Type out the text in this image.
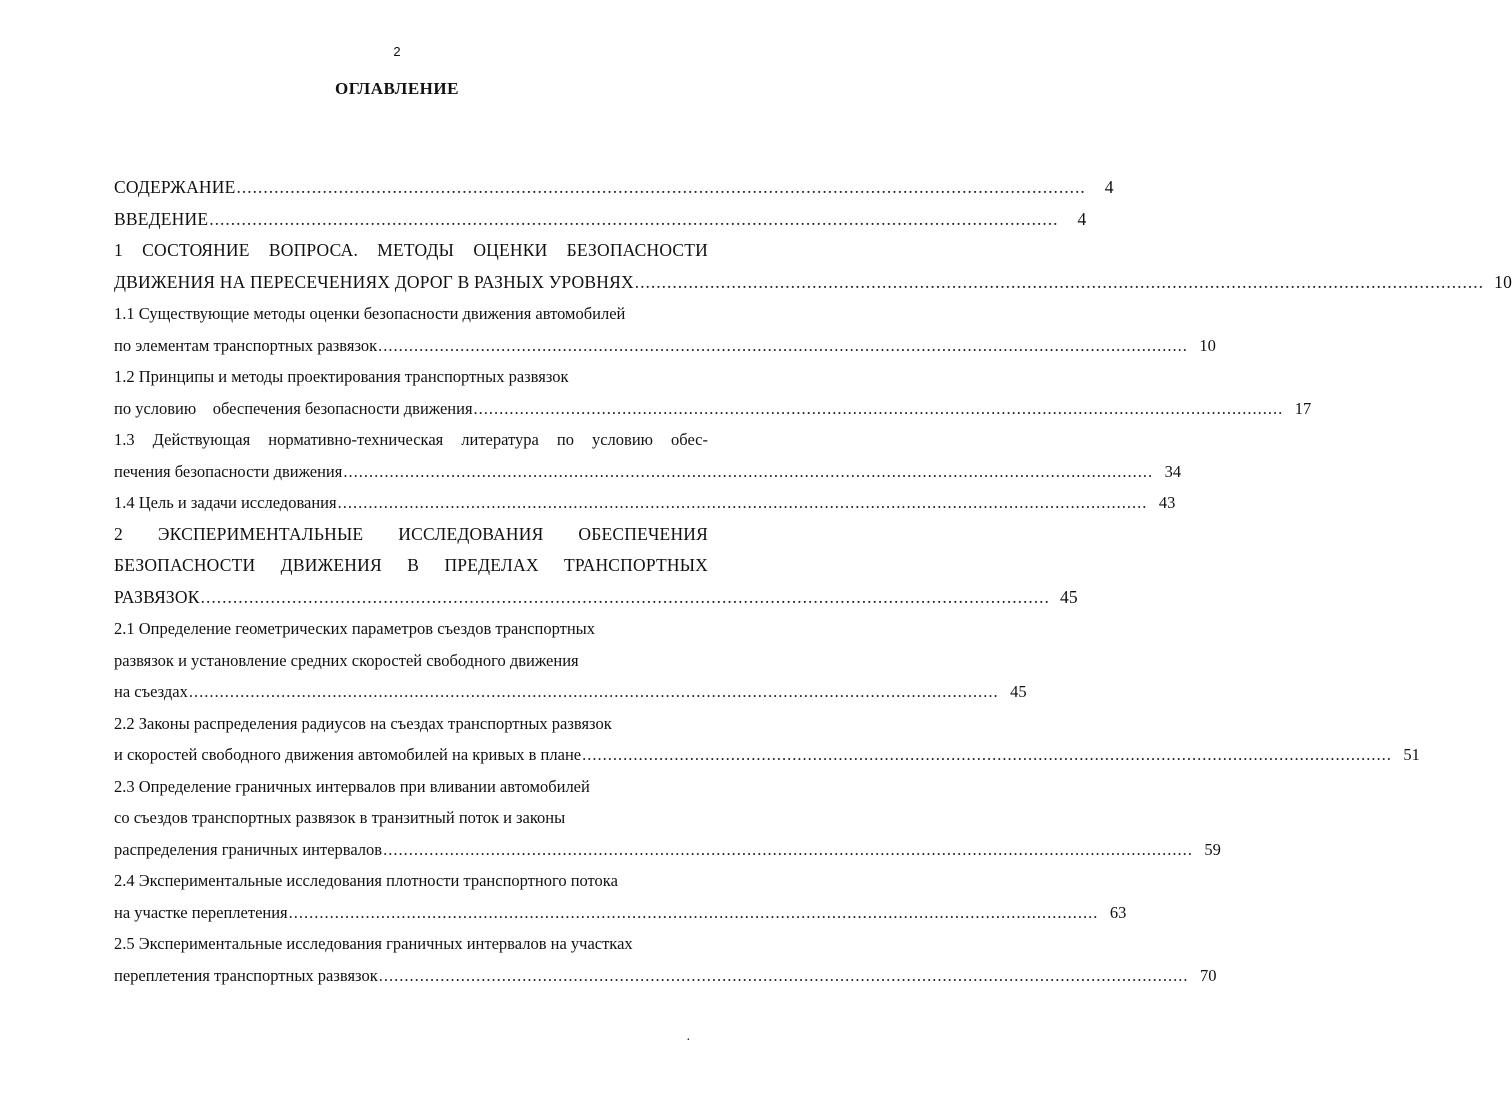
2
ОГЛАВЛЕНИЕ
СОДЕРЖАНИЕ ..............................................................................................................................................................	4
ВВЕДЕНИЕ ..............................................................................................................................................................	4
1 СОСТОЯНИЕ ВОПРОСА. МЕТОДЫ ОЦЕНКИ БЕЗОПАСНОСТИ
ДВИЖЕНИЯ НА ПЕРЕСЕЧЕНИЯХ ДОРОГ В РАЗНЫХ УРОВНЯХ .............................................................................................................................................................. 10
1.1 Существующие методы оценки безопасности движения автомобилей
по элементам транспортных развязок .............................................................................................................................................................. 10
1.2 Принципы и методы проектирования транспортных развязок
по условию    обеспечения безопасности движения .............................................................................................................................................................. 17
1.3 Действующая нормативно-техническая литература по условию обес-
печения безопасности движения .............................................................................................................................................................. 34
1.4 Цель и задачи исследования .............................................................................................................................................................. 43
2 ЭКСПЕРИМЕНТАЛЬНЫЕ ИССЛЕДОВАНИЯ ОБЕСПЕЧЕНИЯ
БЕЗОПАСНОСТИ ДВИЖЕНИЯ В ПРЕДЕЛАХ ТРАНСПОРТНЫХ
РАЗВЯЗОК .............................................................................................................................................................. 45
2.1 Определение геометрических параметров съездов транспортных
развязок и установление средних скоростей свободного движения
на съездах .............................................................................................................................................................. 45
2.2 Законы распределения радиусов на съездах транспортных развязок
и скоростей свободного движения автомобилей на кривых в плане .............................................................................................................................................................. 51
2.3 Определение граничных интервалов при вливании автомобилей
со съездов транспортных развязок в транзитный поток и законы
распределения граничных интервалов .............................................................................................................................................................. 59
2.4 Экспериментальные исследования плотности транспортного потока
на участке переплетения .............................................................................................................................................................. 63
2.5 Экспериментальные исследования граничных интервалов на участках
переплетения транспортных развязок .............................................................................................................................................................. 70
·
